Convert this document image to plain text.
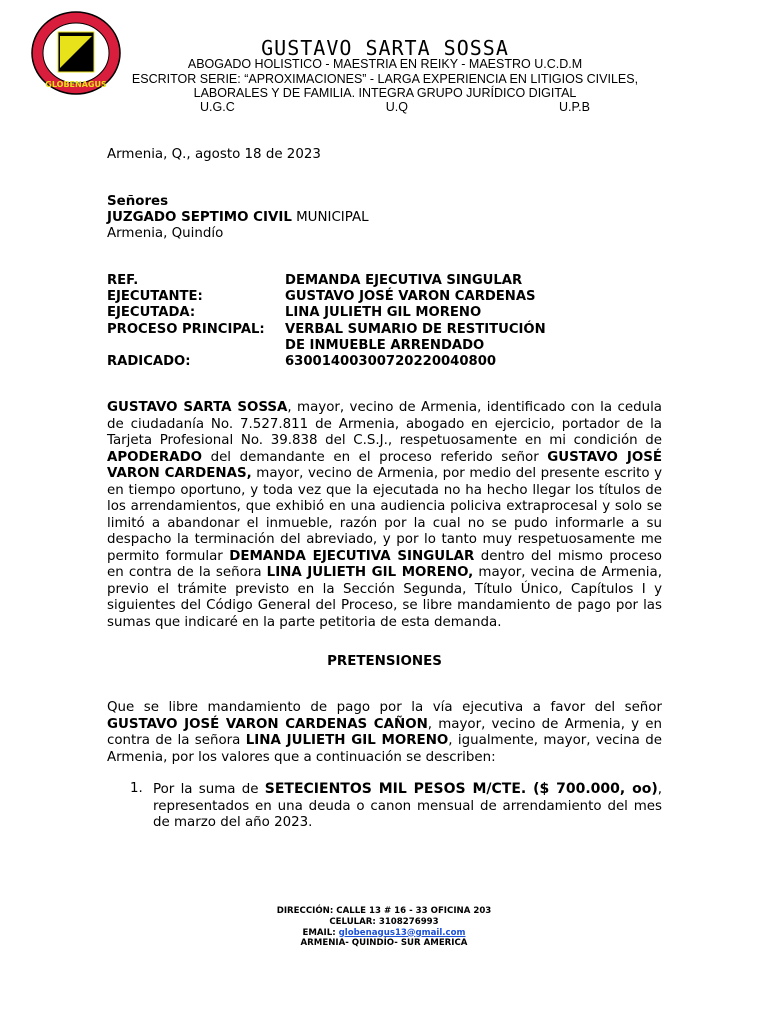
GLOBENAGUS
GUSTAVO SARTA SOSSA
ABOGADO HOLISTICO - MAESTRIA EN REIKY - MAESTRO U.C.D.M
ESCRITOR SERIE: “APROXIMACIONES” - LARGA EXPERIENCIA EN LITIGIOS CIVILES,
LABORALES Y DE FAMILIA. INTEGRA GRUPO JURÍDICO DIGITAL
U.G.C	U.Q	U.P.B
Armenia, Q., agosto 18 de 2023
Señores
JUZGADO SEPTIMO CIVIL MUNICIPAL
Armenia, Quindío
REF.	DEMANDA EJECUTIVA SINGULAR
EJECUTANTE:	GUSTAVO JOSÉ VARON CARDENAS
EJECUTADA:	LINA JULIETH GIL MORENO
PROCESO PRINCIPAL:	VERBAL SUMARIO DE RESTITUCIÓN
DE INMUEBLE ARRENDADO
RADICADO:	63001400300720220040800
GUSTAVO SARTA SOSSA, mayor, vecino de Armenia, identificado con la cedula de ciudadanía No. 7.527.811 de Armenia, abogado en ejercicio, portador de la Tarjeta Profesional No. 39.838 del C.S.J., respetuosamente en mi condición de APODERADO del demandante en el proceso referido señor GUSTAVO JOSÉ VARON CARDENAS, mayor, vecino de Armenia, por medio del presente escrito y en tiempo oportuno, y toda vez que la ejecutada no ha hecho llegar los títulos de los arrendamientos, que exhibió en una audiencia policiva extraprocesal y solo se limitó a abandonar el inmueble, razón por la cual no se pudo informarle a su despacho la terminación del abreviado, y por lo tanto muy respetuosamente me permito formular DEMANDA EJECUTIVA SINGULAR dentro del mismo proceso en contra de la señora LINA JULIETH GIL MORENO, mayor, vecina de Armenia, previo el trámite previsto en la Sección Segunda, Título Único, Capítulos I y siguientes del Código General del Proceso, se libre mandamiento de pago por las sumas que indicaré en la parte petitoria de esta demanda.
PRETENSIONES
Que se libre mandamiento de pago por la vía ejecutiva a favor del señor GUSTAVO JOSÉ VARON CARDENAS CAÑON, mayor, vecino de Armenia, y en contra de la señora LINA JULIETH GIL MORENO, igualmente, mayor, vecina de Armenia, por los valores que a continuación se describen:
1. Por la suma de SETECIENTOS MIL PESOS M/CTE. ($ 700.000, oo), representados en una deuda o canon mensual de arrendamiento del mes de marzo del año 2023.
DIRECCIÓN: CALLE 13 # 16 - 33 OFICINA 203
CELULAR: 3108276993
EMAIL: globenagus13@gmail.com
ARMENIA- QUINDÍO- SUR AMERICA
